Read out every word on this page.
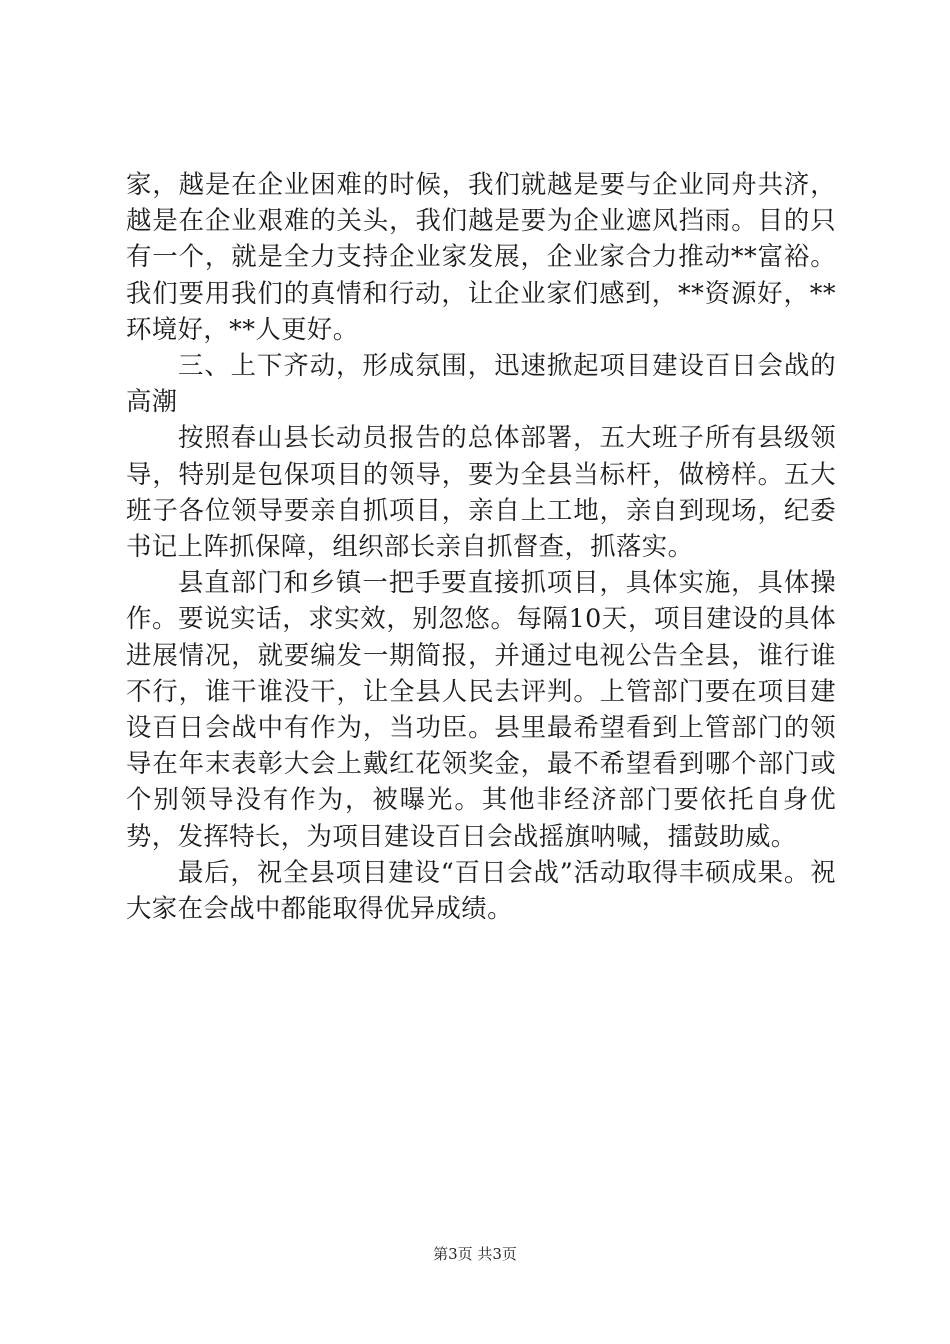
家，越是在企业困难的时候，我们就越是要与企业同舟共济，越是在企业艰难的关头，我们越是要为企业遮风挡雨。目的只有一个，就是全力支持企业家发展，企业家合力推动**富裕。我们要用我们的真情和行动，让企业家们感到，**资源好，**环境好，**人更好。

三、上下齐动，形成氛围，迅速掀起项目建设百日会战的高潮

按照春山县长动员报告的总体部署，五大班子所有县级领导，特别是包保项目的领导，要为全县当标杆，做榜样。五大班子各位领导要亲自抓项目，亲自上工地，亲自到现场，纪委书记上阵抓保障，组织部长亲自抓督查，抓落实。

县直部门和乡镇一把手要直接抓项目，具体实施，具体操作。要说实话，求实效，别忽悠。每隔10天，项目建设的具体进展情况，就要编发一期简报，并通过电视公告全县，谁行谁不行，谁干谁没干，让全县人民去评判。上管部门要在项目建设百日会战中有作为，当功臣。县里最希望看到上管部门的领导在年末表彰大会上戴红花领奖金，最不希望看到哪个部门或个别领导没有作为，被曝光。其他非经济部门要依托自身优势，发挥特长，为项目建设百日会战摇旗呐喊，擂鼓助威。

最后，祝全县项目建设“百日会战”活动取得丰硕成果。祝大家在会战中都能取得优异成绩。

第3页 共3页
